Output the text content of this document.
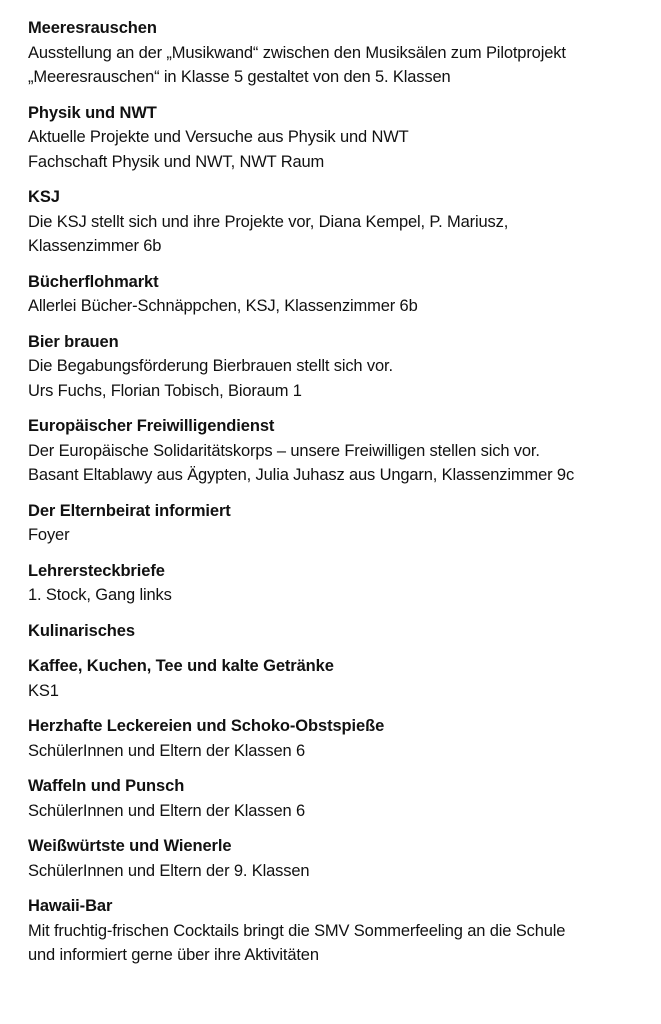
Meeresrauschen
Ausstellung an der „Musikwand“ zwischen den Musiksälen zum Pilotprojekt
„Meeresrauschen“ in Klasse 5 gestaltet von den 5. Klassen
Physik und NWT
Aktuelle Projekte und Versuche aus Physik und NWT
Fachschaft Physik und NWT, NWT Raum
KSJ
Die KSJ stellt sich und ihre Projekte vor, Diana Kempel, P. Mariusz,
Klassenzimmer 6b
Bücherflohmarkt
Allerlei Bücher-Schnäppchen, KSJ, Klassenzimmer 6b
Bier brauen
Die Begabungsförderung Bierbrauen stellt sich vor.
Urs Fuchs, Florian Tobisch, Bioraum 1
Europäischer Freiwilligendienst
Der Europäische Solidaritätskorps – unsere Freiwilligen stellen sich vor.
Basant Eltablawy aus Ägypten, Julia Juhasz aus Ungarn, Klassenzimmer 9c
Der Elternbeirat informiert
Foyer
Lehrersteckbriefe
1. Stock, Gang links
Kulinarisches
Kaffee, Kuchen, Tee und kalte Getränke
KS1
Herzhafte Leckereien und Schoko-Obstspieße
SchülerInnen und Eltern der Klassen 6
Waffeln und Punsch
SchülerInnen und Eltern der Klassen 6
Weißwürtste und Wienerle
SchülerInnen und Eltern der 9. Klassen
Hawaii-Bar
Mit fruchtig-frischen Cocktails bringt die SMV Sommerfeeling an die Schule
und informiert gerne über ihre Aktivitäten
